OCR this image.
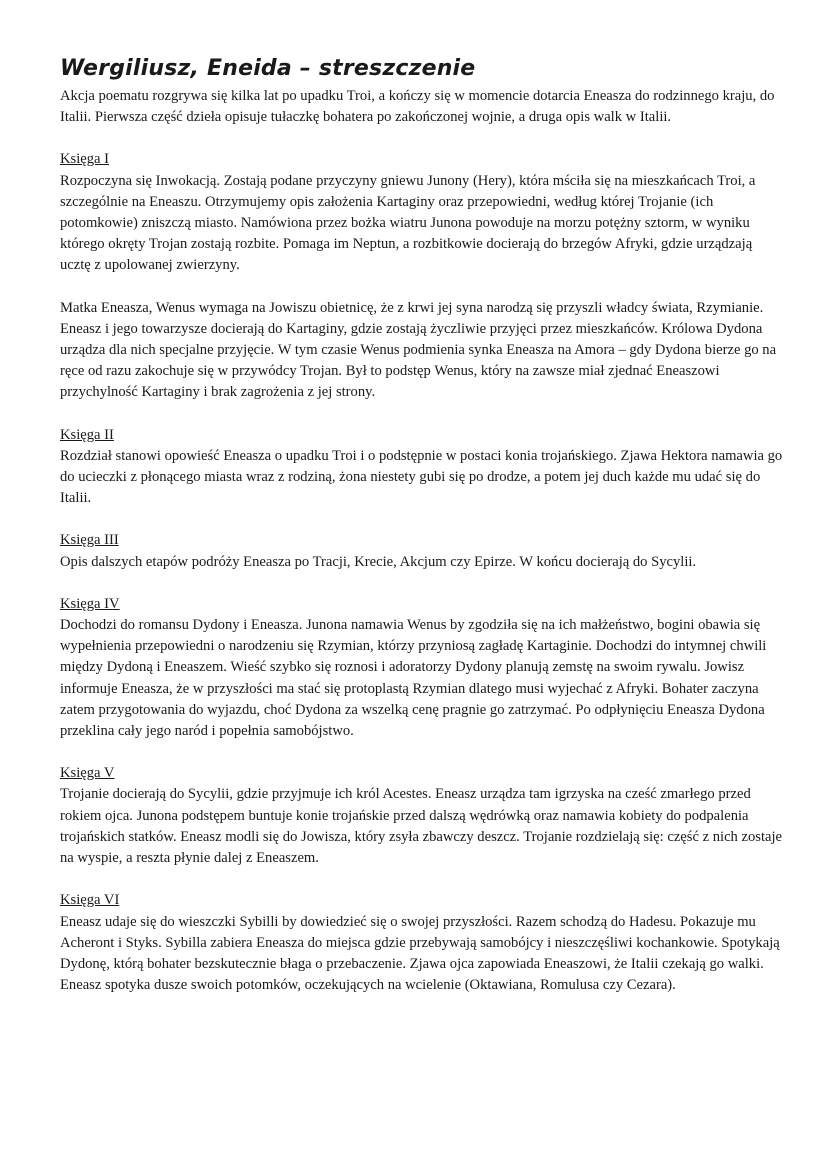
Wergiliusz, Eneida – streszczenie

Akcja poematu rozgrywa się kilka lat po upadku Troi, a kończy się w momencie dotarcia Eneasza do rodzinnego kraju, do Italii. Pierwsza część dzieła opisuje tułaczkę bohatera po zakończonej wojnie, a druga opis walk w Italii.

Księga I

Rozpoczyna się Inwokacją. Zostają podane przyczyny gniewu Junony (Hery), która mściła się na mieszkańcach Troi, a szczególnie na Eneaszu. Otrzymujemy opis założenia Kartaginy oraz przepowiedni, według której Trojanie (ich potomkowie) zniszczą miasto. Namówiona przez bożka wiatru Junona powoduje na morzu potężny sztorm, w wyniku którego okręty Trojan zostają rozbite. Pomaga im Neptun, a rozbitkowie docierają do brzegów Afryki, gdzie urządzają ucztę z upolowanej zwierzyny.

Matka Eneasza, Wenus wymaga na Jowiszu obietnicę, że z krwi jej syna narodzą się przyszli władcy świata, Rzymianie. Eneasz i jego towarzysze docierają do Kartaginy, gdzie zostają życzliwie przyjęci przez mieszkańców. Królowa Dydona urządza dla nich specjalne przyjęcie. W tym czasie Wenus podmienia synka Eneasza na Amora – gdy Dydona bierze go na ręce od razu zakochuje się w przywódcy Trojan. Był to podstęp Wenus, który na zawsze miał zjednać Eneaszowi przychylność Kartaginy i brak zagrożenia z jej strony.

Księga II

Rozdział stanowi opowieść Eneasza o upadku Troi i o podstępnie w postaci konia trojańskiego. Zjawa Hektora namawia go do ucieczki z płonącego miasta wraz z rodziną, żona niestety gubi się po drodze, a potem jej duch każde mu udać się do Italii.

Księga III

Opis dalszych etapów podróży Eneasza po Tracji, Krecie, Akcjum czy Epirze. W końcu docierają do Sycylii.

Księga IV

Dochodzi do romansu Dydony i Eneasza. Junona namawia Wenus by zgodziła się na ich małżeństwo, bogini obawia się wypełnienia przepowiedni o narodzeniu się Rzymian, którzy przyniosą zagładę Kartaginie. Dochodzi do intymnej chwili między Dydoną i Eneaszem. Wieść szybko się roznosi i adoratorzy Dydony planują zemstę na swoim rywalu. Jowisz informuje Eneasza, że w przyszłości ma stać się protoplastą Rzymian dlatego musi wyjechać z Afryki. Bohater zaczyna zatem przygotowania do wyjazdu, choć Dydona za wszelką cenę pragnie go zatrzymać. Po odpłynięciu Eneasza Dydona przeklina cały jego naród i popełnia samobójstwo.

Księga V

Trojanie docierają do Sycylii, gdzie przyjmuje ich król Acestes. Eneasz urządza tam igrzyska na cześć zmarłego przed rokiem ojca. Junona podstępem buntuje konie trojańskie przed dalszą wędrówką oraz namawia kobiety do podpalenia trojańskich statków. Eneasz modli się do Jowisza, który zsyła zbawczy deszcz. Trojanie rozdzielają się: część z nich zostaje na wyspie, a reszta płynie dalej z Eneaszem.

Księga VI

Eneasz udaje się do wieszczki Sybilli by dowiedzieć się o swojej przyszłości. Razem schodzą do Hadesu. Pokazuje mu Acheront i Styks. Sybilla zabiera Eneasza do miejsca gdzie przebywają samobójcy i nieszczęśliwi kochankowie. Spotykają Dydonę, którą bohater bezskutecznie błaga o przebaczenie. Zjawa ojca zapowiada Eneaszowi, że Italii czekają go walki. Eneasz spotyka dusze swoich potomków, oczekujących na wcielenie (Oktawiana, Romulusa czy Cezara).
